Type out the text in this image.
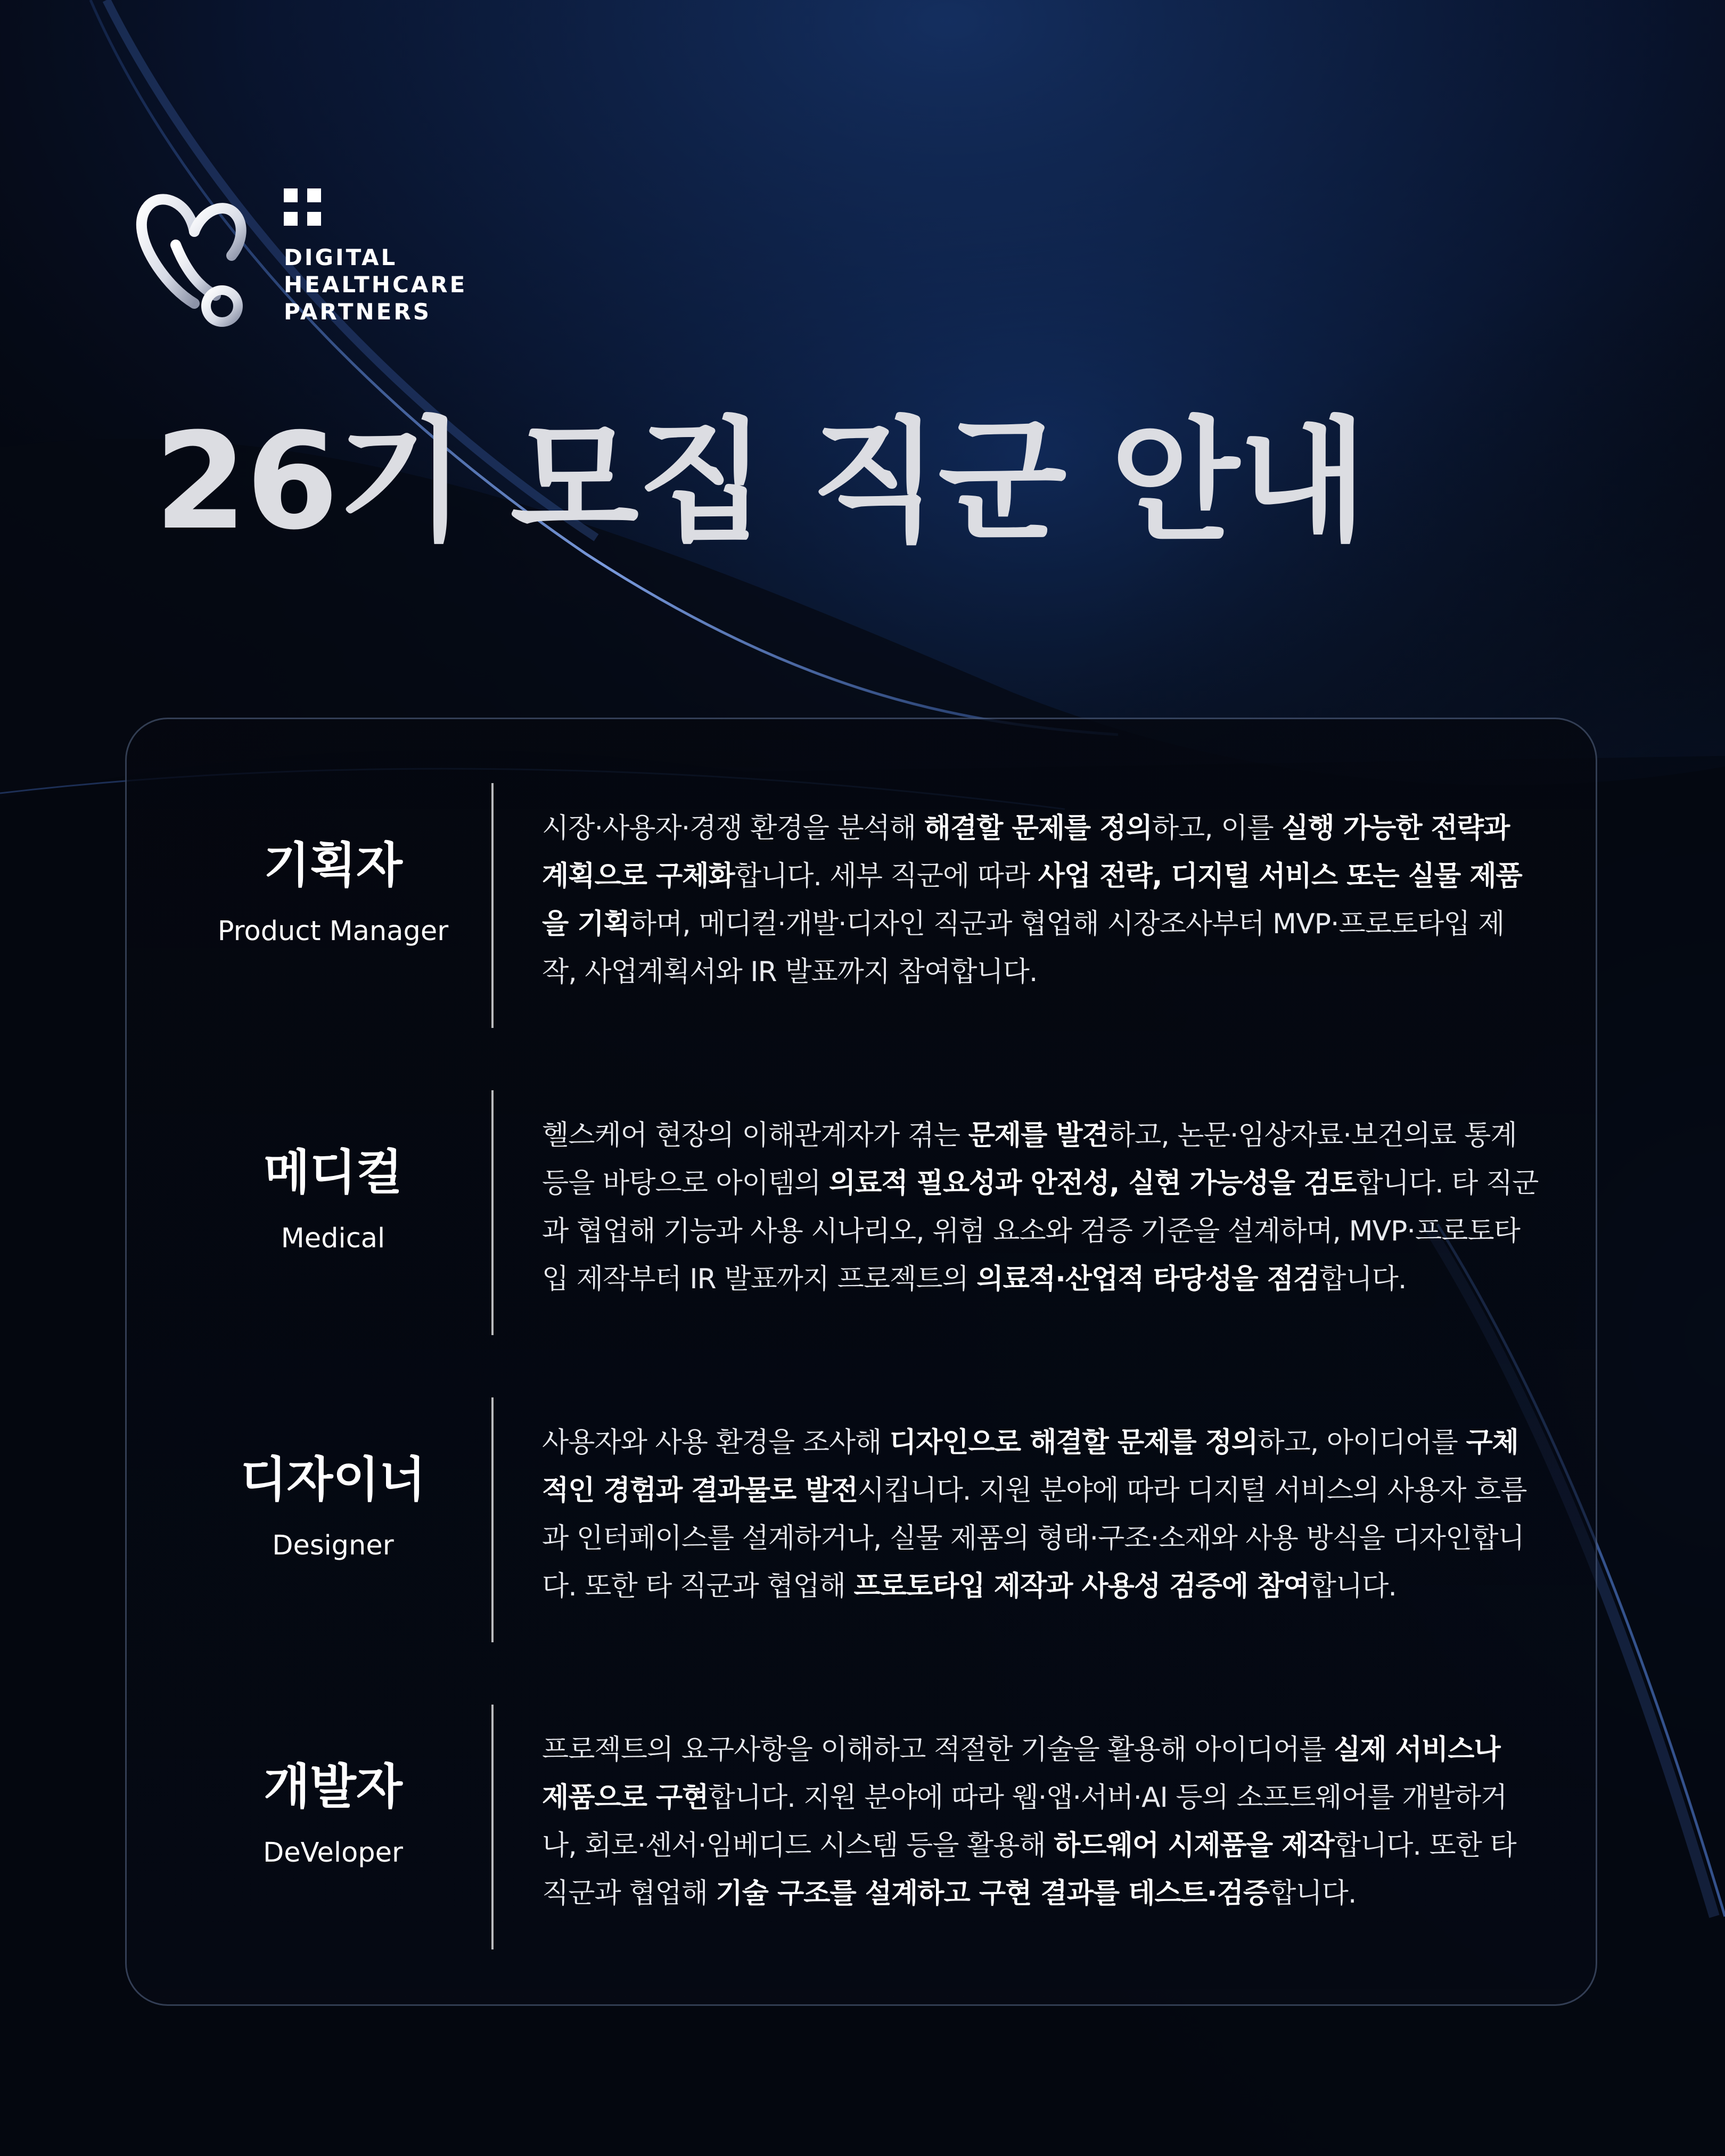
DIGITAL
HEALTHCARE
PARTNERS
26기 모집 직군 안내
기획자
Product Manager
시장·사용자·경쟁 환경을 분석해 해결할 문제를 정의하고, 이를 실행 가능한 전략과
계획으로 구체화합니다. 세부 직군에 따라 사업 전략, 디지털 서비스 또는 실물 제품
을 기획하며, 메디컬·개발·디자인 직군과 협업해 시장조사부터 MVP·프로토타입 제
작, 사업계획서와 IR 발표까지 참여합니다.
메디컬
Medical
헬스케어 현장의 이해관계자가 겪는 문제를 발견하고, 논문·임상자료·보건의료 통계
등을 바탕으로 아이템의 의료적 필요성과 안전성, 실현 가능성을 검토합니다. 타 직군
과 협업해 기능과 사용 시나리오, 위험 요소와 검증 기준을 설계하며, MVP·프로토타
입 제작부터 IR 발표까지 프로젝트의 의료적·산업적 타당성을 점검합니다.
디자이너
Designer
사용자와 사용 환경을 조사해 디자인으로 해결할 문제를 정의하고, 아이디어를 구체
적인 경험과 결과물로 발전시킵니다. 지원 분야에 따라 디지털 서비스의 사용자 흐름
과 인터페이스를 설계하거나, 실물 제품의 형태·구조·소재와 사용 방식을 디자인합니
다. 또한 타 직군과 협업해 프로토타입 제작과 사용성 검증에 참여합니다.
개발자
DeVeloper
프로젝트의 요구사항을 이해하고 적절한 기술을 활용해 아이디어를 실제 서비스나
제품으로 구현합니다. 지원 분야에 따라 웹·앱·서버·AI 등의 소프트웨어를 개발하거
나, 회로·센서·임베디드 시스템 등을 활용해 하드웨어 시제품을 제작합니다. 또한 타
직군과 협업해 기술 구조를 설계하고 구현 결과를 테스트·검증합니다.
